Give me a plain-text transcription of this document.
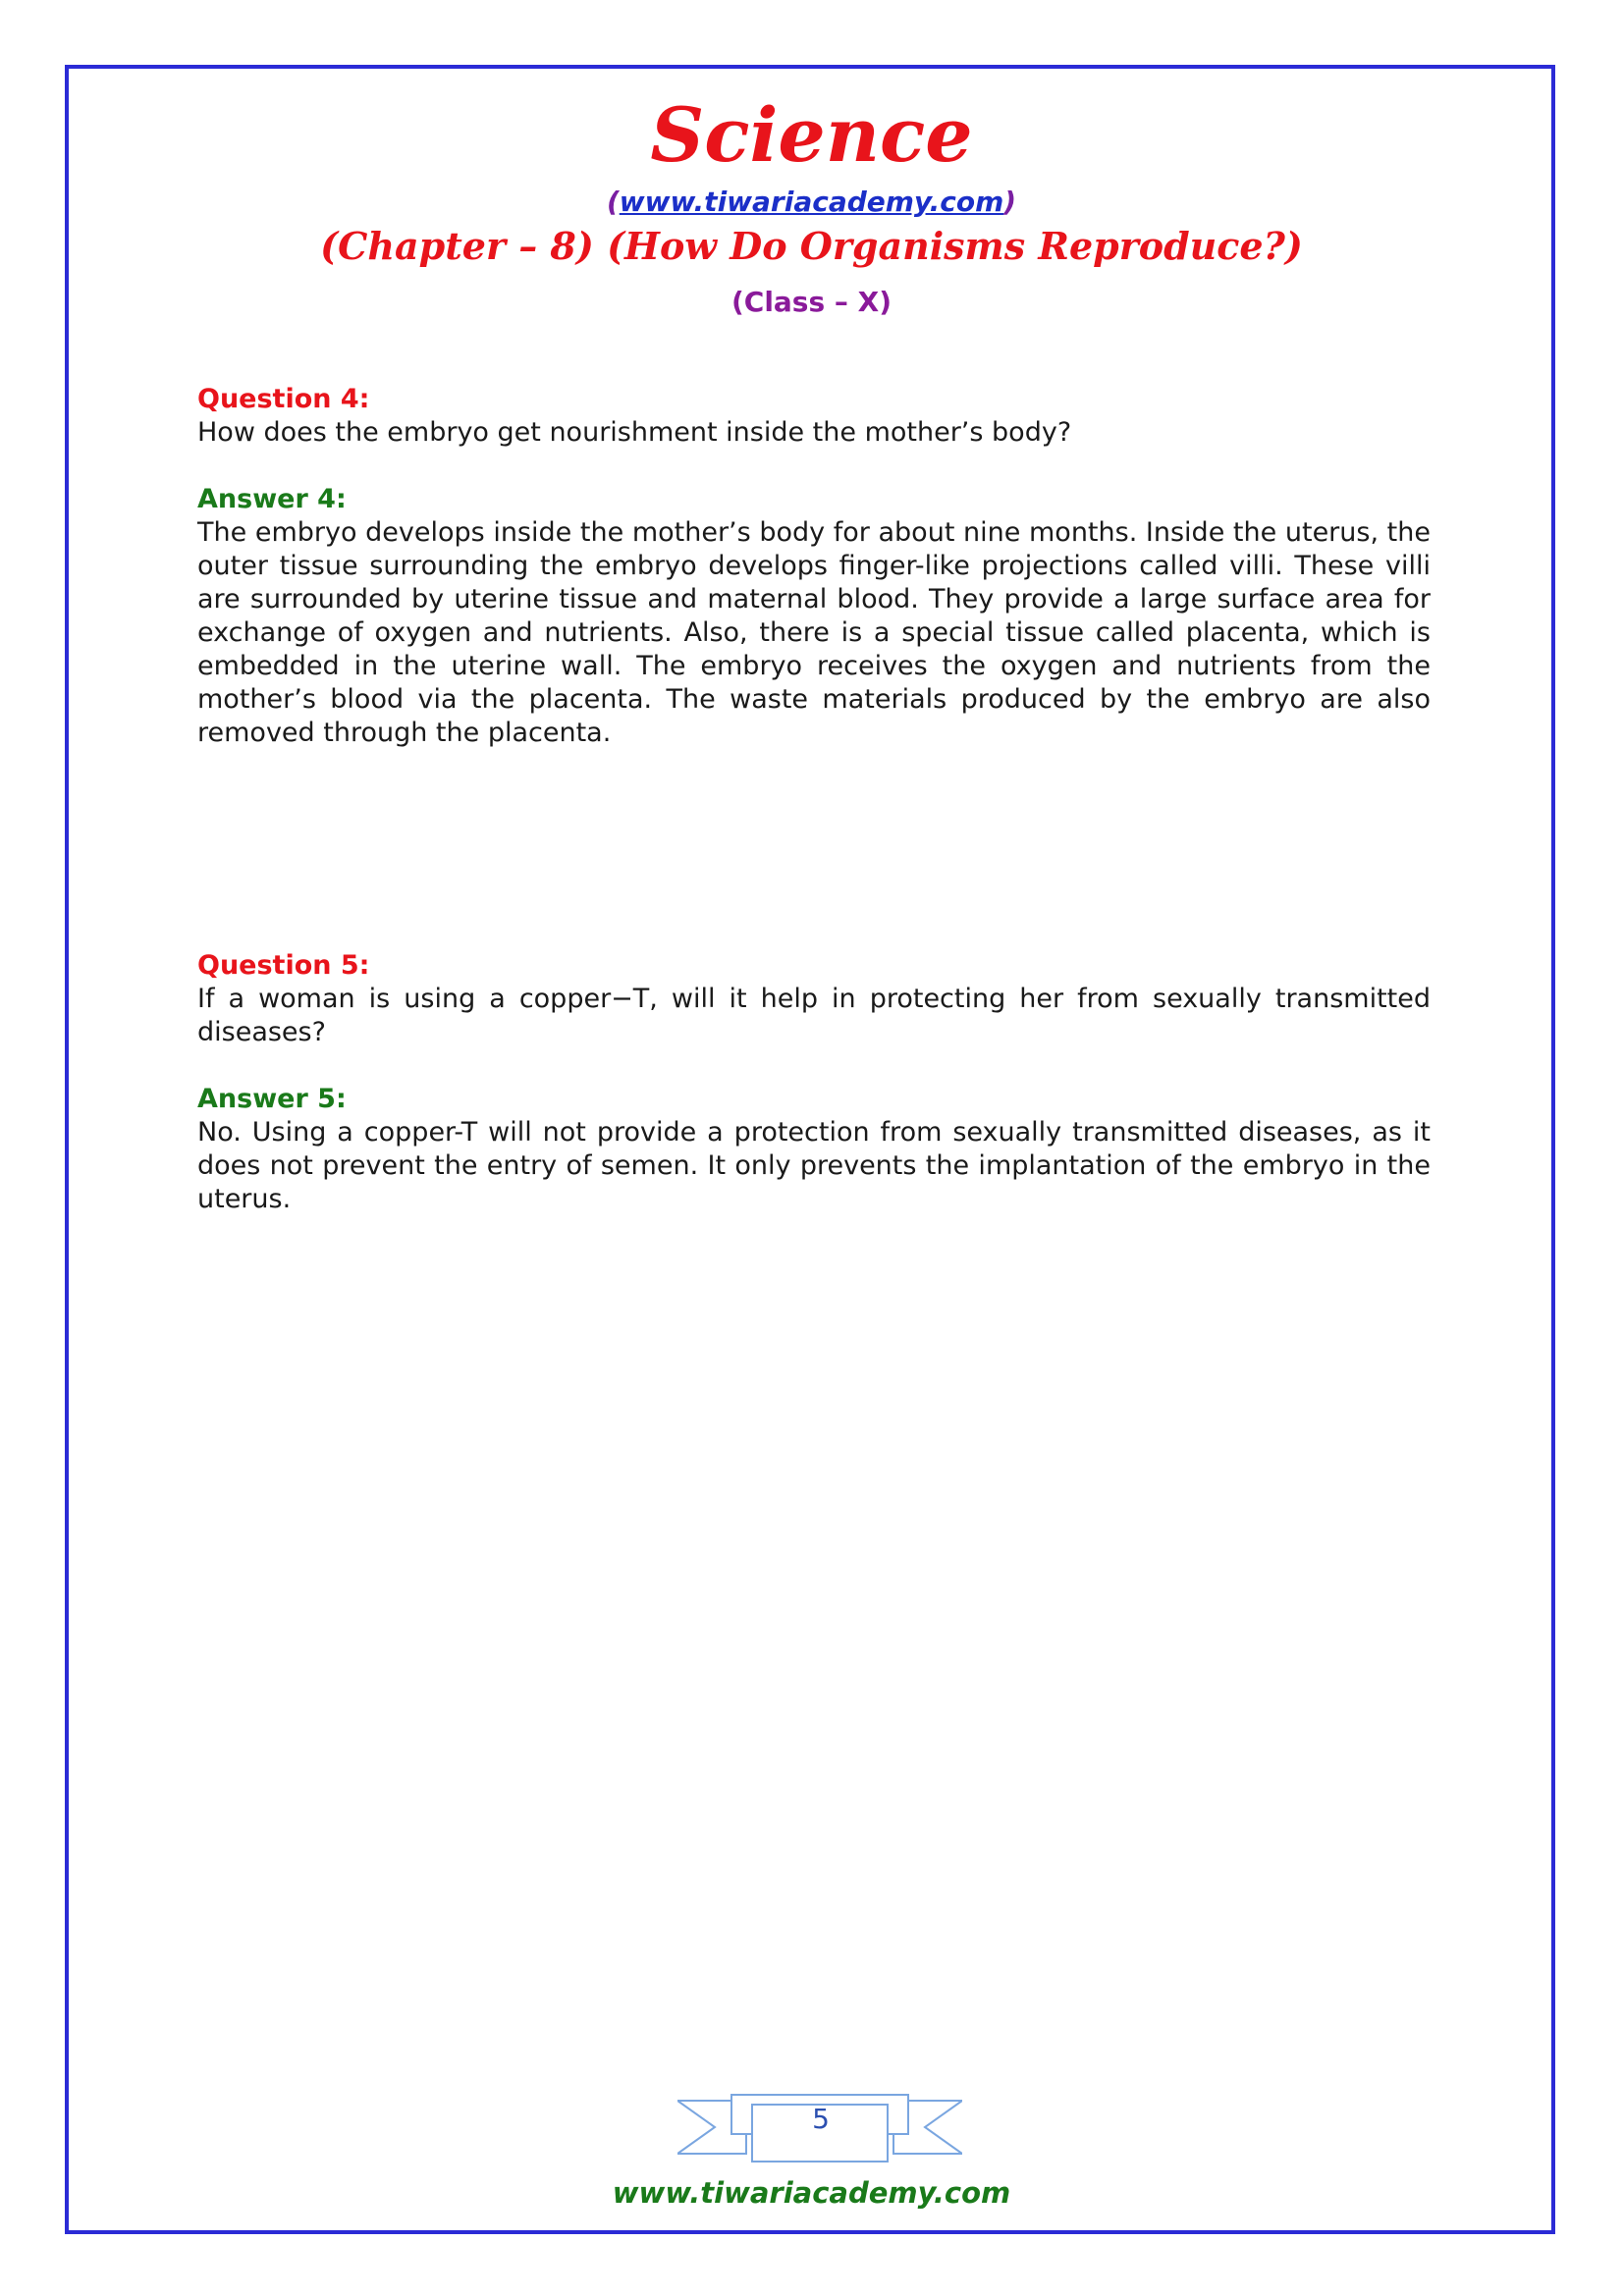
Science
(www.tiwariacademy.com)
(Chapter – 8) (How Do Organisms Reproduce?)
(Class – X)
Question 4:

How does the embryo get nourishment inside the mother’s body?

Answer 4:

The embryo develops inside the mother’s body for about nine months. Inside the uterus, the outer tissue surrounding the embryo develops finger-like projections called villi. These villi are surrounded by uterine tissue and maternal blood. They provide a large surface area for exchange of oxygen and nutrients. Also, there is a special tissue called placenta, which is embedded in the uterine wall. The embryo receives the oxygen and nutrients from the mother’s blood via the placenta. The waste materials produced by the embryo are also removed through the placenta.

Question 5:

If a woman is using a copper−T, will it help in protecting her from sexually transmitted diseases?

Answer 5:

No. Using a copper-T will not provide a protection from sexually transmitted diseases, as it does not prevent the entry of semen. It only prevents the implantation of the embryo in the uterus.

5
www.tiwariacademy.com
